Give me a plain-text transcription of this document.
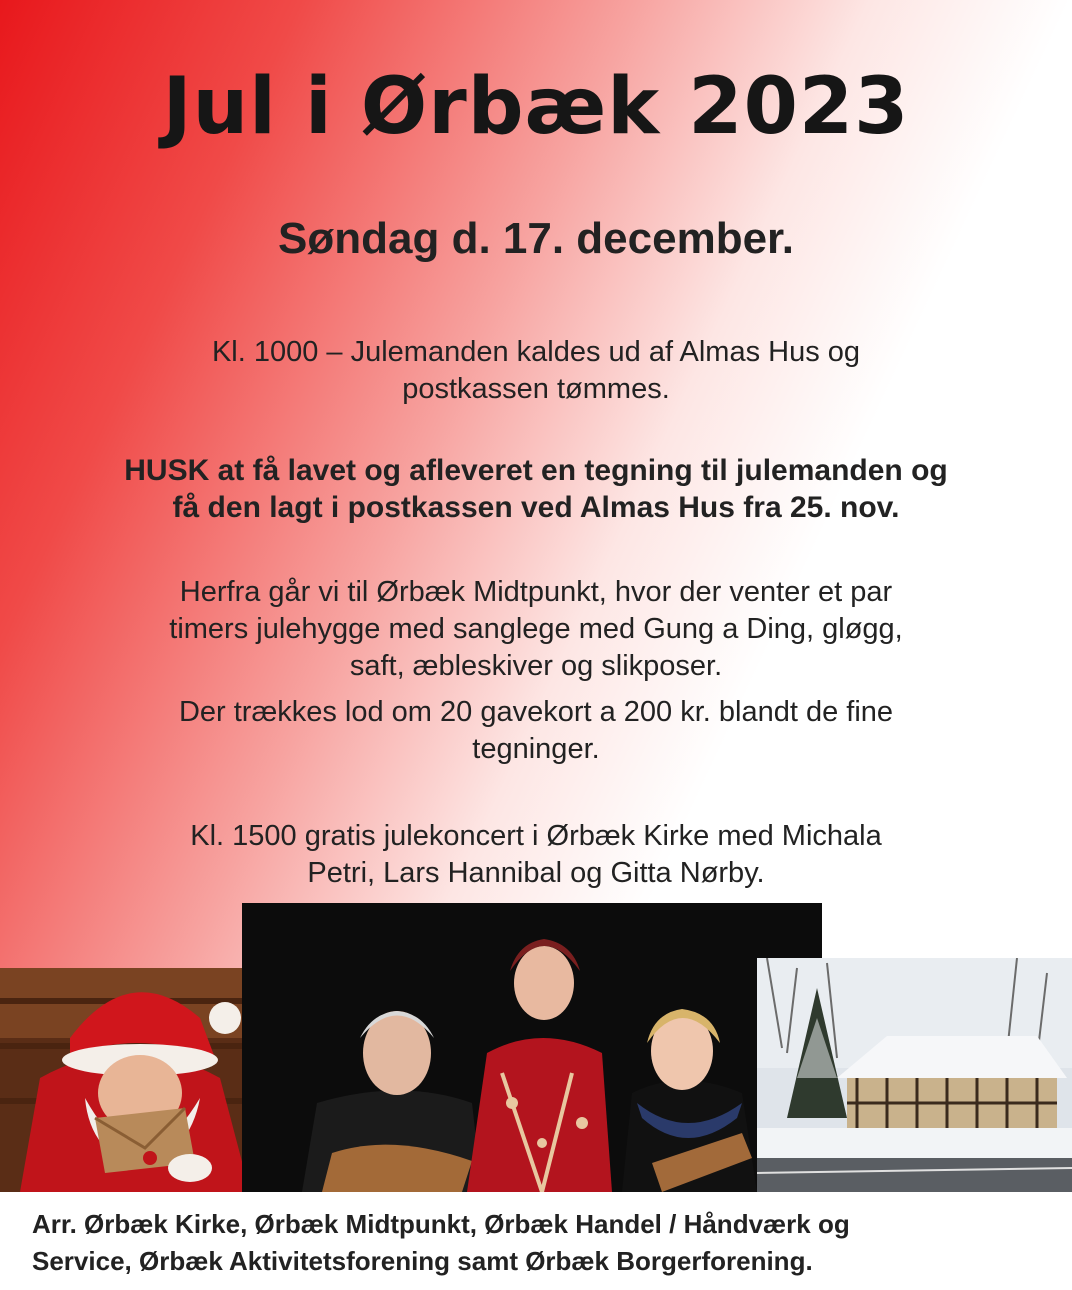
Jul i Ørbæk 2023
Søndag d. 17. december.
Kl. 1000 – Julemanden kaldes ud af Almas Hus og
postkassen tømmes.
HUSK at få lavet og afleveret en tegning til julemanden og
få den lagt i postkassen ved Almas Hus fra 25. nov.
Herfra går vi til Ørbæk Midtpunkt, hvor der venter et par
timers julehygge med sanglege med Gung a Ding, gløgg,
saft, æbleskiver og slikposer.
Der trækkes lod om 20 gavekort a 200 kr. blandt de fine
tegninger.
Kl. 1500 gratis julekoncert i Ørbæk Kirke med Michala
Petri, Lars Hannibal og Gitta Nørby.
Arr. Ørbæk Kirke, Ørbæk Midtpunkt, Ørbæk Handel / Håndværk og
Service, Ørbæk Aktivitetsforening samt Ørbæk Borgerforening.
